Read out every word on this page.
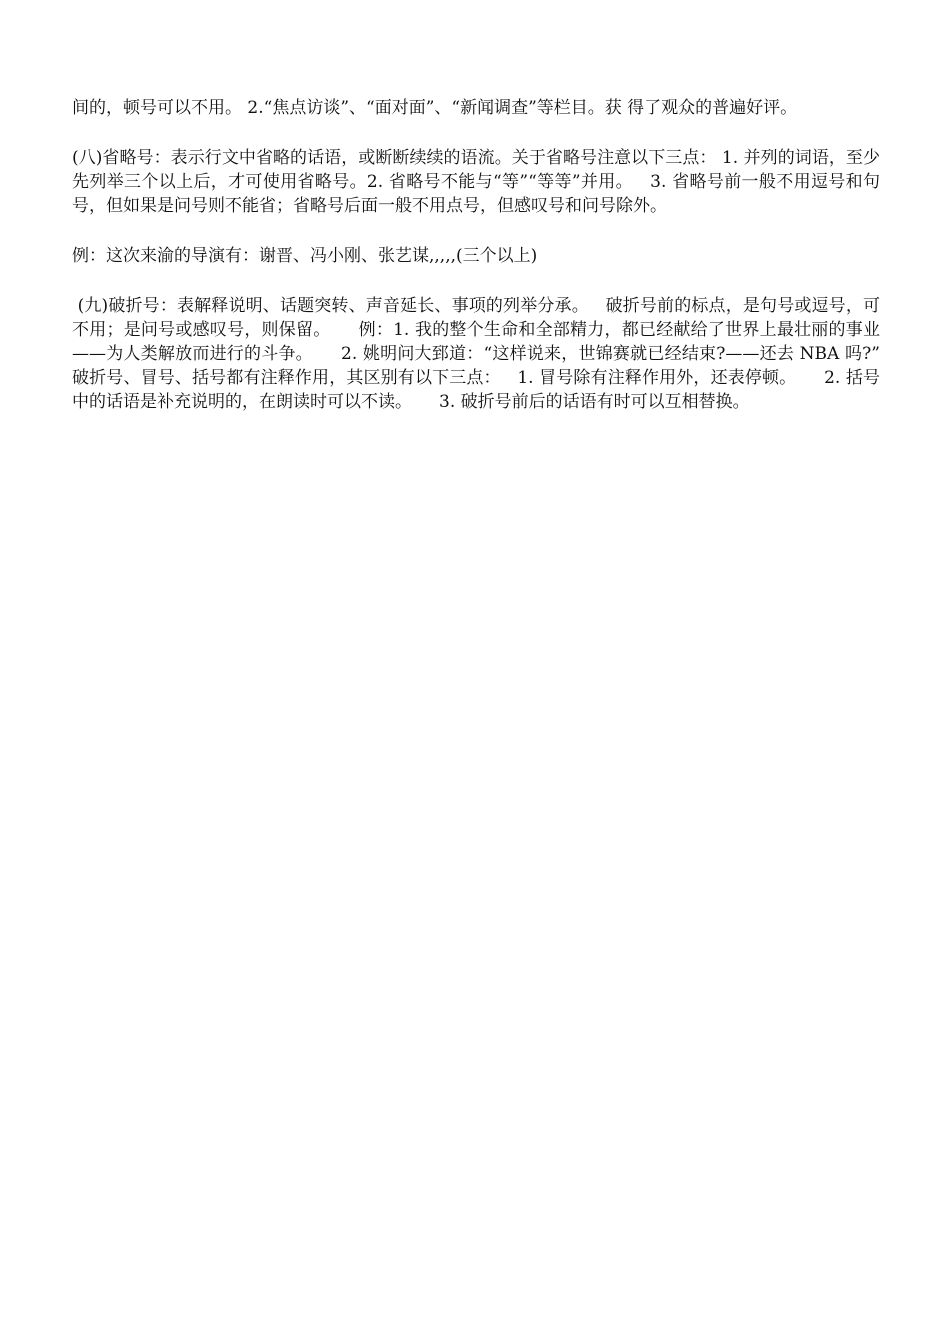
间的，顿号可以不用。 2.“焦点访谈”、“面对面”、“新闻调查”等栏目。获 得了观众的普遍好评。

(八)省略号：表示行文中省略的话语，或断断续续的语流。关于省略号注意以下三点： 1. 并列的词语，至少先列举三个以上后，才可使用省略号。2. 省略号不能与“等”“等等”并用。   3. 省略号前一般不用逗号和句号，但如果是问号则不能省；省略号后面一般不用点号，但感叹号和问号除外。

例：这次来渝的导演有：谢晋、冯小刚、张艺谋,,,,,(三个以上)

(九)破折号：表解释说明、话题突转、声音延长、事项的列举分承。   破折号前的标点，是句号或逗号，可不用；是问号或感叹号，则保留。     例：1. 我的整个生命和全部精力，都已经献给了世界上最壮丽的事业——为人类解放而进行的斗争。     2. 姚明问大郅道：“这样说来，世锦赛就已经结束?——还去 NBA 吗?”        破折号、冒号、括号都有注释作用，其区别有以下三点：   1. 冒号除有注释作用外，还表停顿。     2. 括号中的话语是补充说明的，在朗读时可以不读。     3. 破折号前后的话语有时可以互相替换。
